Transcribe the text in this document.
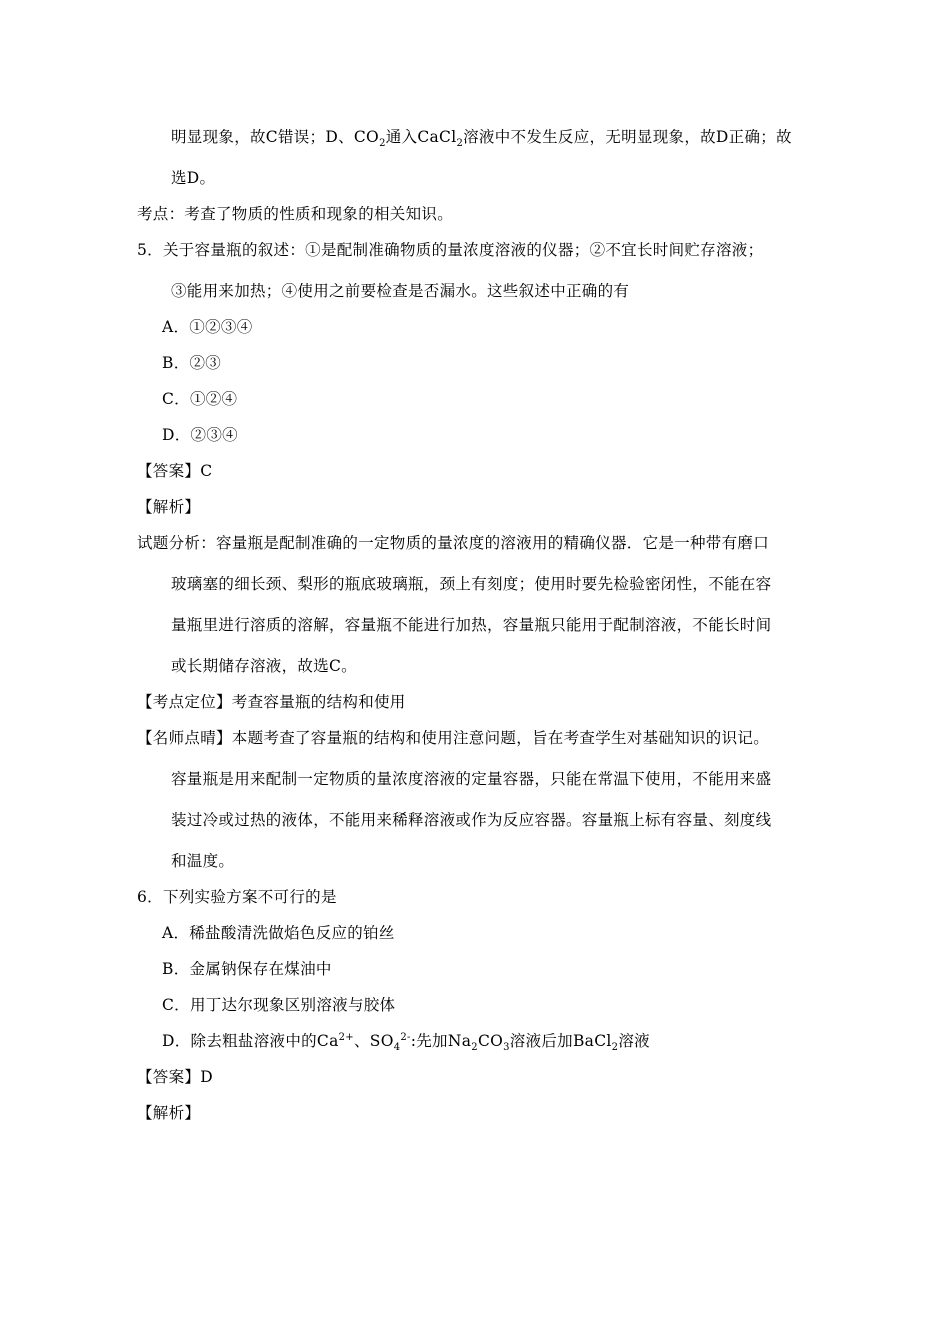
明显现象，故C错误；D、$CO_2$通入CaCl$_2$溶液中不发生反应，无明显现象，故D正确；故
选D。
考点：考查了物质的性质和现象的相关知识。
5．关于容量瓶的叙述：①是配制准确物质的量浓度溶液的仪器；②不宜长时间贮存溶液；
③能用来加热；④使用之前要检查是否漏水。这些叙述中正确的有
A．①②③④
B．②③
C．①②④
D．②③④
【答案】C
【解析】
试题分析：容量瓶是配制准确的一定物质的量浓度的溶液用的精确仪器．它是一种带有磨口
玻璃塞的细长颈、梨形的瓶底玻璃瓶，颈上有刻度；使用时要先检验密闭性，不能在容
量瓶里进行溶质的溶解，容量瓶不能进行加热，容量瓶只能用于配制溶液，不能长时间
或长期储存溶液，故选C。
【考点定位】考查容量瓶的结构和使用
【名师点晴】本题考查了容量瓶的结构和使用注意问题，旨在考查学生对基础知识的识记。
容量瓶是用来配制一定物质的量浓度溶液的定量容器，只能在常温下使用，不能用来盛
装过冷或过热的液体，不能用来稀释溶液或作为反应容器。容量瓶上标有容量、刻度线
和温度。
6．下列实验方案不可行的是
A．稀盐酸清洗做焰色反应的铂丝
B．金属钠保存在煤油中
C．用丁达尔现象区别溶液与胶体
D．除去粗盐溶液中的$Ca^{2+}$、$SO_4^{2-}$:先加$Na_2CO_3$溶液后加BaCl$_2$溶液
【答案】D
【解析】
